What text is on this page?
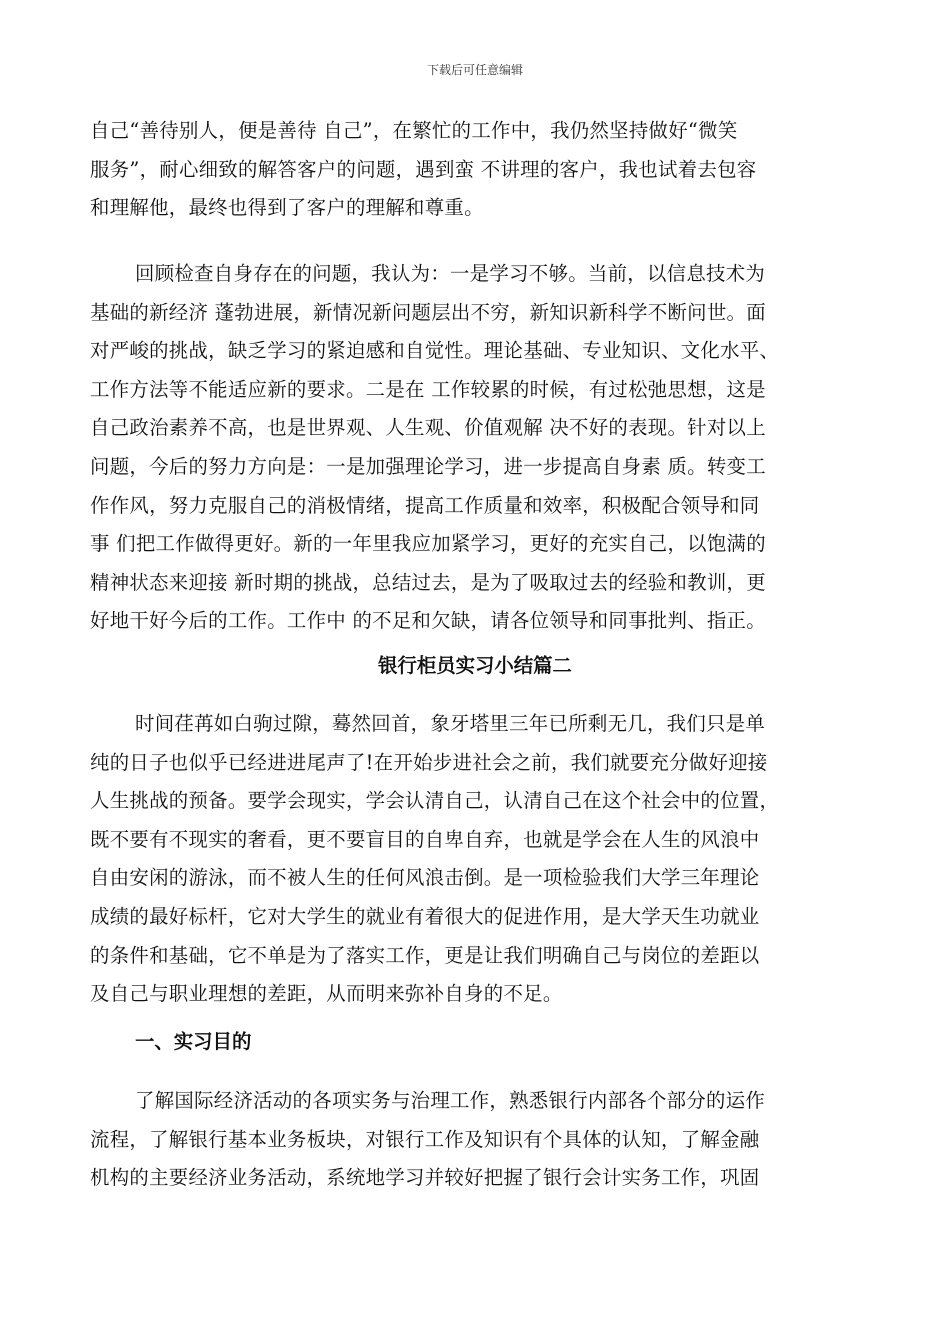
下载后可任意编辑
自己“善待别人，便是善待 自己”，在繁忙的工作中，我仍然坚持做好“微笑
服务”，耐心细致的解答客户的问题，遇到蛮 不讲理的客户，我也试着去包容
和理解他，最终也得到了客户的理解和尊重。
回顾检查自身存在的问题，我认为：一是学习不够。当前，以信息技术为
基础的新经济 蓬勃进展，新情况新问题层出不穷，新知识新科学不断问世。面
对严峻的挑战，缺乏学习的紧迫感和自觉性。理论基础、专业知识、文化水平、
工作方法等不能适应新的要求。二是在 工作较累的时候，有过松弛思想，这是
自己政治素养不高，也是世界观、人生观、价值观解 决不好的表现。针对以上
问题，今后的努力方向是：一是加强理论学习，进一步提高自身素 质。转变工
作作风，努力克服自己的消极情绪，提高工作质量和效率，积极配合领导和同
事 们把工作做得更好。新的一年里我应加紧学习，更好的充实自己，以饱满的
精神状态来迎接 新时期的挑战，总结过去，是为了吸取过去的经验和教训，更
好地干好今后的工作。工作中 的不足和欠缺，请各位领导和同事批判、指正。
银行柜员实习小结篇二
时间荏苒如白驹过隙，蓦然回首，象牙塔里三年已所剩无几，我们只是单
纯的日子也似乎已经进进尾声了!在开始步进社会之前，我们就要充分做好迎接
人生挑战的预备。要学会现实，学会认清自己，认清自己在这个社会中的位置，
既不要有不现实的奢看，更不要盲目的自卑自弃，也就是学会在人生的风浪中
自由安闲的游泳，而不被人生的任何风浪击倒。是一项检验我们大学三年理论
成绩的最好标杆，它对大学生的就业有着很大的促进作用，是大学天生功就业
的条件和基础，它不单是为了落实工作，更是让我们明确自己与岗位的差距以
及自己与职业理想的差距，从而明来弥补自身的不足。
一、实习目的
了解国际经济活动的各项实务与治理工作，熟悉银行内部各个部分的运作
流程，了解银行基本业务板块，对银行工作及知识有个具体的认知，了解金融
机构的主要经济业务活动，系统地学习并较好把握了银行会计实务工作，巩固
